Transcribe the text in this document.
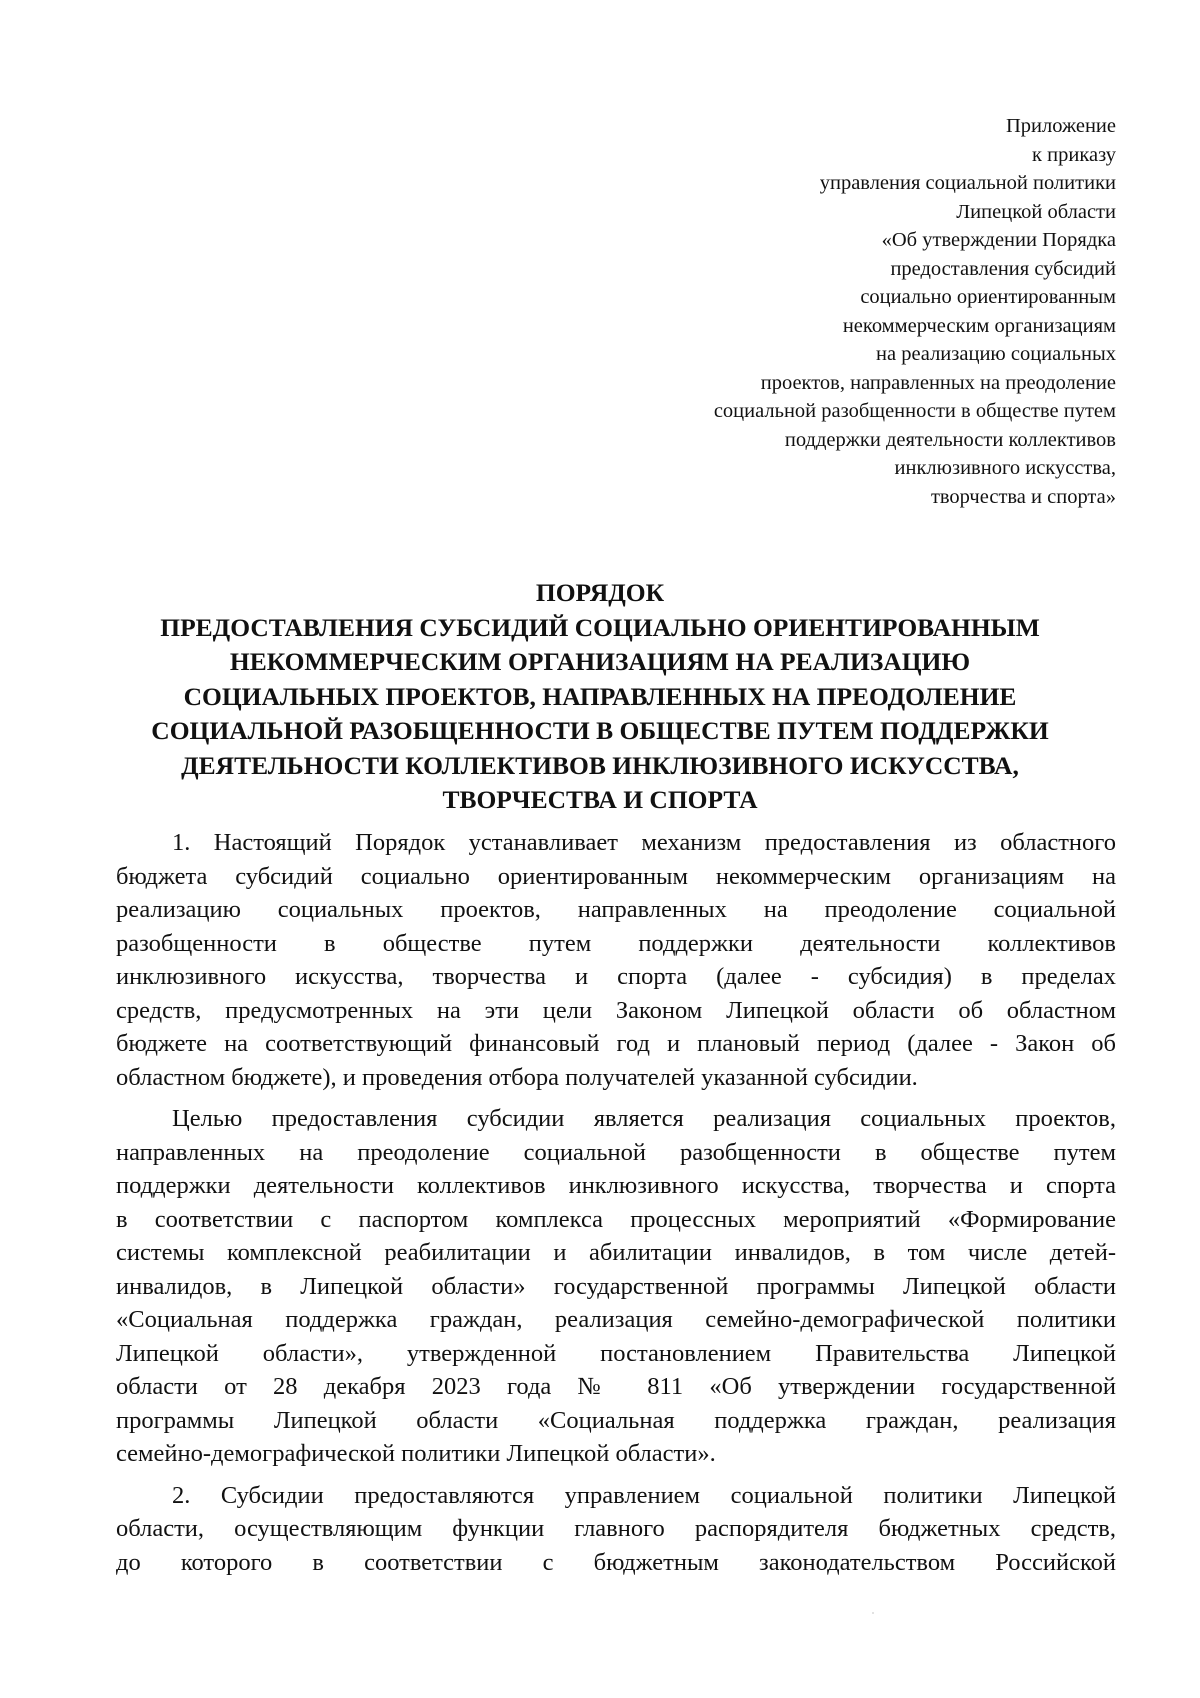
Приложение
к приказу
управления социальной политики
Липецкой области
«Об утверждении Порядка
предоставления субсидий
социально ориентированным
некоммерческим организациям
на реализацию социальных
проектов, направленных на преодоление
социальной разобщенности в обществе путем
поддержки деятельности коллективов
инклюзивного искусства,
творчества и спорта»
ПОРЯДОК
ПРЕДОСТАВЛЕНИЯ СУБСИДИЙ СОЦИАЛЬНО ОРИЕНТИРОВАННЫМ
НЕКОММЕРЧЕСКИМ ОРГАНИЗАЦИЯМ НА РЕАЛИЗАЦИЮ
СОЦИАЛЬНЫХ ПРОЕКТОВ, НАПРАВЛЕННЫХ НА ПРЕОДОЛЕНИЕ
СОЦИАЛЬНОЙ РАЗОБЩЕННОСТИ В ОБЩЕСТВЕ ПУТЕМ ПОДДЕРЖКИ
ДЕЯТЕЛЬНОСТИ КОЛЛЕКТИВОВ ИНКЛЮЗИВНОГО ИСКУССТВА,
ТВОРЧЕСТВА И СПОРТА
1. Настоящий Порядок устанавливает механизм предоставления из областного
бюджета субсидий социально ориентированным некоммерческим организациям на
реализацию социальных проектов, направленных на преодоление социальной
разобщенности в обществе путем поддержки деятельности коллективов
инклюзивного искусства, творчества и спорта (далее - субсидия) в пределах
средств, предусмотренных на эти цели Законом Липецкой области об областном
бюджете на соответствующий финансовый год и плановый период (далее - Закон об
областном бюджете), и проведения отбора получателей указанной субсидии.
Целью предоставления субсидии является реализация социальных проектов,
направленных на преодоление социальной разобщенности в обществе путем
поддержки деятельности коллективов инклюзивного искусства, творчества и спорта
в соответствии с паспортом комплекса процессных мероприятий «Формирование
системы комплексной реабилитации и абилитации инвалидов, в том числе детей-
инвалидов, в Липецкой области» государственной программы Липецкой области
«Социальная поддержка граждан, реализация семейно-демографической политики
Липецкой области», утвержденной постановлением Правительства Липецкой
области от 28 декабря 2023 года № 811 «Об утверждении государственной
программы Липецкой области «Социальная поддержка граждан, реализация
семейно-демографической политики Липецкой области».
2. Субсидии предоставляются управлением социальной политики Липецкой
области, осуществляющим функции главного распорядителя бюджетных средств,
до которого в соответствии с бюджетным законодательством Российской
